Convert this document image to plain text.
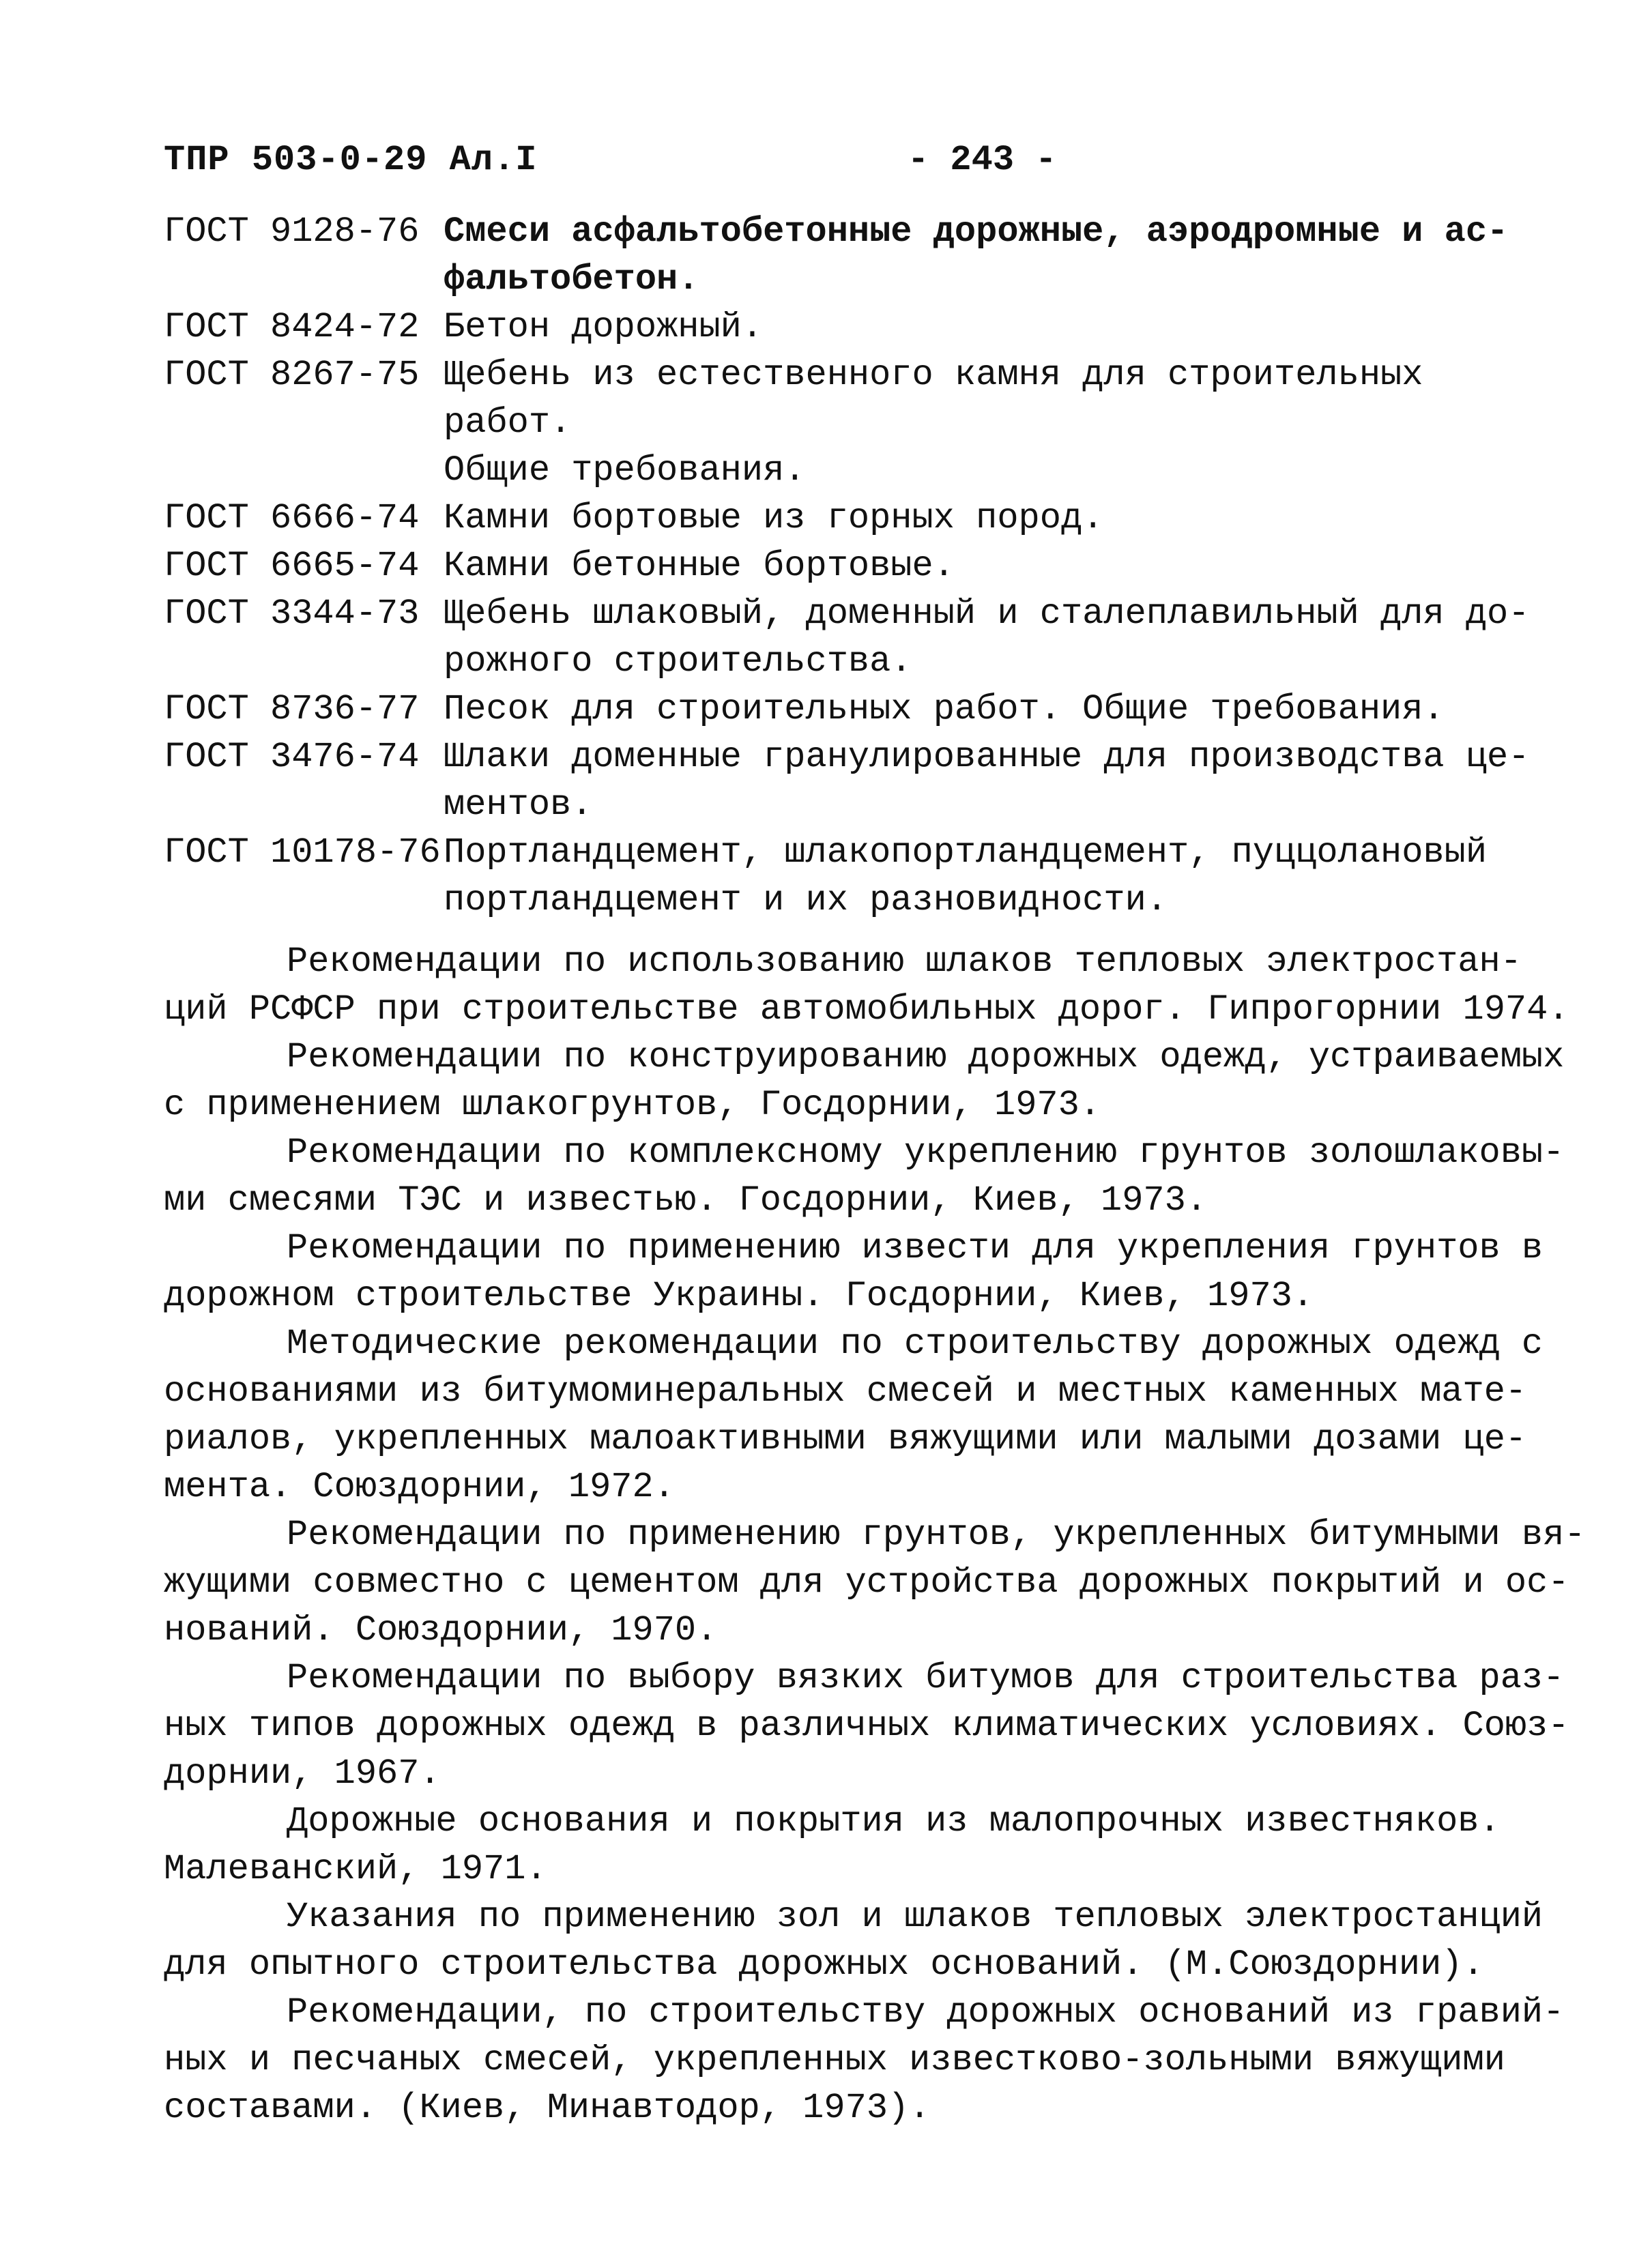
ТПР 503-0-29 Ал.I	- 243 -
ГОСТ 9128-76 Смеси асфальтобетонные дорожные, аэродромные и ас-
фальтобетон.
ГОСТ 8424-72 Бетон дорожный.
ГОСТ 8267-75 Щебень из естественного камня для строительных
работ.
Общие требования.
ГОСТ 6666-74 Камни бортовые из горных пород.
ГОСТ 6665-74 Камни бетонные бортовые.
ГОСТ 3344-73 Щебень шлаковый, доменный и сталеплавильный для до-
рожного строительства.
ГОСТ 8736-77 Песок для строительных работ. Общие требования.
ГОСТ 3476-74 Шлаки доменные гранулированные для производства це-
ментов.
ГОСТ 10178-76 Портландцемент, шлакопортландцемент, пуццолановый
портландцемент и их разновидности.
Рекомендации по использованию шлаков тепловых электростан-
ций РСФСР при строительстве автомобильных дорог. Гипрогорнии 1974.
Рекомендации по конструированию дорожных одежд, устраиваемых
с применением шлакогрунтов, Госдорнии, 1973.
Рекомендации по комплексному укреплению грунтов золошлаковы-
ми смесями ТЭС и известью. Госдорнии, Киев, 1973.
Рекомендации по применению извести для укрепления грунтов в
дорожном строительстве Украины. Госдорнии, Киев, 1973.
Методические рекомендации по строительству дорожных одежд с
основаниями из битумоминеральных смесей и местных каменных мате-
риалов, укрепленных малоактивными вяжущими или малыми дозами це-
мента. Союздорнии, 1972.
Рекомендации по применению грунтов, укрепленных битумными вя-
жущими совместно с цементом для устройства дорожных покрытий и ос-
нований. Союздорнии, 1970.
Рекомендации по выбору вязких битумов для строительства раз-
ных типов дорожных одежд в различных климатических условиях. Союз-
дорнии, 1967.
Дорожные основания и покрытия из малопрочных известняков.
Малеванский, 1971.
Указания по применению зол и шлаков тепловых электростанций
для опытного строительства дорожных оснований. (М.Союздорнии).
Рекомендации, по строительству дорожных оснований из гравий-
ных и песчаных смесей, укрепленных известково-зольными вяжущими
составами. (Киев, Минавтодор, 1973).
